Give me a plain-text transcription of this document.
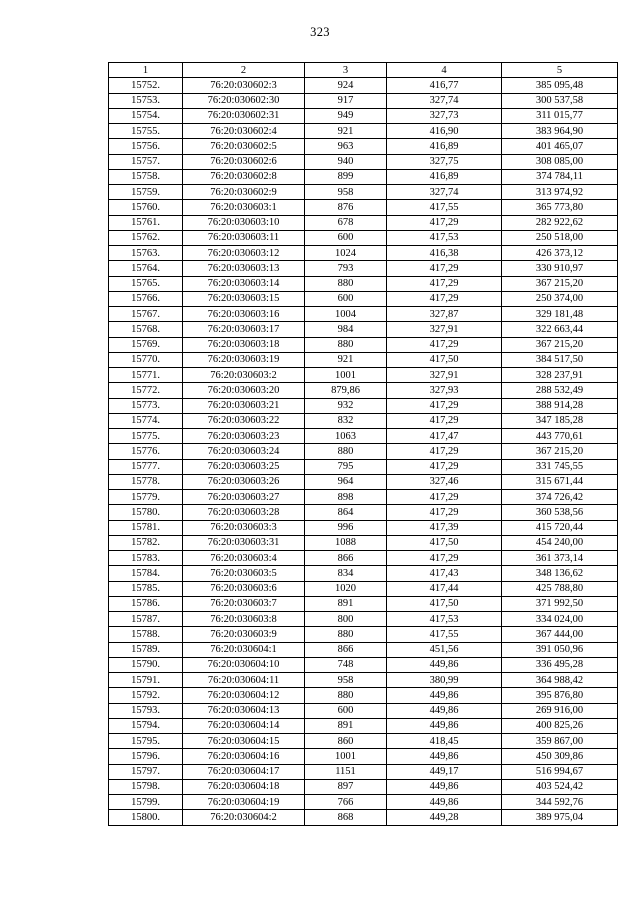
323
1	2	3	4	5
15752.	76:20:030602:3	924	416,77	385 095,48
15753.	76:20:030602:30	917	327,74	300 537,58
15754.	76:20:030602:31	949	327,73	311 015,77
15755.	76:20:030602:4	921	416,90	383 964,90
15756.	76:20:030602:5	963	416,89	401 465,07
15757.	76:20:030602:6	940	327,75	308 085,00
15758.	76:20:030602:8	899	416,89	374 784,11
15759.	76:20:030602:9	958	327,74	313 974,92
15760.	76:20:030603:1	876	417,55	365 773,80
15761.	76:20:030603:10	678	417,29	282 922,62
15762.	76:20:030603:11	600	417,53	250 518,00
15763.	76:20:030603:12	1024	416,38	426 373,12
15764.	76:20:030603:13	793	417,29	330 910,97
15765.	76:20:030603:14	880	417,29	367 215,20
15766.	76:20:030603:15	600	417,29	250 374,00
15767.	76:20:030603:16	1004	327,87	329 181,48
15768.	76:20:030603:17	984	327,91	322 663,44
15769.	76:20:030603:18	880	417,29	367 215,20
15770.	76:20:030603:19	921	417,50	384 517,50
15771.	76:20:030603:2	1001	327,91	328 237,91
15772.	76:20:030603:20	879,86	327,93	288 532,49
15773.	76:20:030603:21	932	417,29	388 914,28
15774.	76:20:030603:22	832	417,29	347 185,28
15775.	76:20:030603:23	1063	417,47	443 770,61
15776.	76:20:030603:24	880	417,29	367 215,20
15777.	76:20:030603:25	795	417,29	331 745,55
15778.	76:20:030603:26	964	327,46	315 671,44
15779.	76:20:030603:27	898	417,29	374 726,42
15780.	76:20:030603:28	864	417,29	360 538,56
15781.	76:20:030603:3	996	417,39	415 720,44
15782.	76:20:030603:31	1088	417,50	454 240,00
15783.	76:20:030603:4	866	417,29	361 373,14
15784.	76:20:030603:5	834	417,43	348 136,62
15785.	76:20:030603:6	1020	417,44	425 788,80
15786.	76:20:030603:7	891	417,50	371 992,50
15787.	76:20:030603:8	800	417,53	334 024,00
15788.	76:20:030603:9	880	417,55	367 444,00
15789.	76:20:030604:1	866	451,56	391 050,96
15790.	76:20:030604:10	748	449,86	336 495,28
15791.	76:20:030604:11	958	380,99	364 988,42
15792.	76:20:030604:12	880	449,86	395 876,80
15793.	76:20:030604:13	600	449,86	269 916,00
15794.	76:20:030604:14	891	449,86	400 825,26
15795.	76:20:030604:15	860	418,45	359 867,00
15796.	76:20:030604:16	1001	449,86	450 309,86
15797.	76:20:030604:17	1151	449,17	516 994,67
15798.	76:20:030604:18	897	449,86	403 524,42
15799.	76:20:030604:19	766	449,86	344 592,76
15800.	76:20:030604:2	868	449,28	389 975,04
